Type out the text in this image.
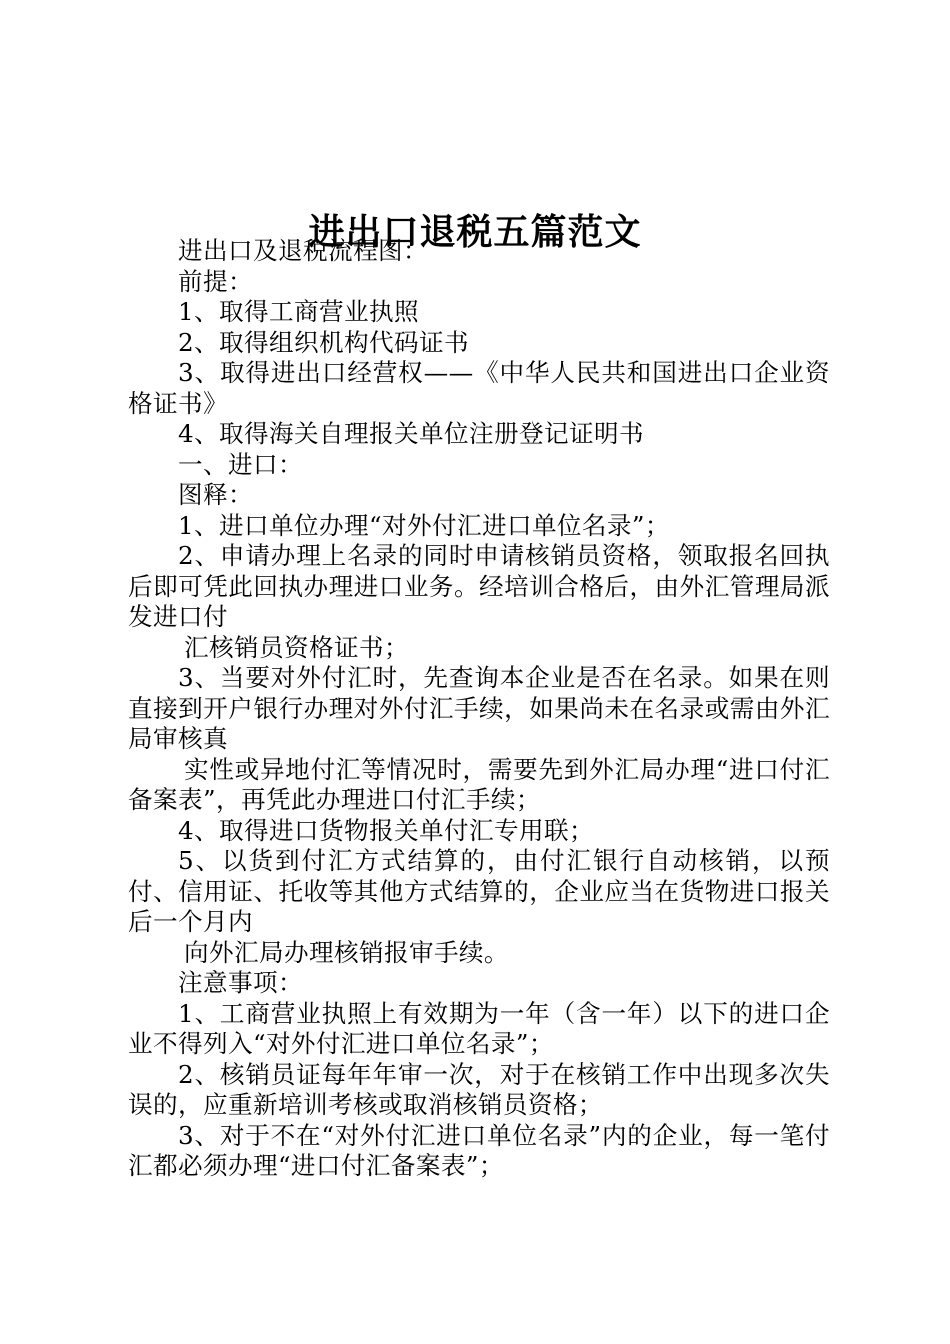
进出口退税五篇范文

进出口及退税流程图：

前提：

1、取得工商营业执照

2、取得组织机构代码证书

3、取得进出口经营权——《中华人民共和国进出口企业资格证书》

4、取得海关自理报关单位注册登记证明书

一、进口：

图释：

1、进口单位办理“对外付汇进口单位名录”；

2、申请办理上名录的同时申请核销员资格，领取报名回执后即可凭此回执办理进口业务。经培训合格后，由外汇管理局派发进口付

汇核销员资格证书；

3、当要对外付汇时，先查询本企业是否在名录。如果在则直接到开户银行办理对外付汇手续，如果尚未在名录或需由外汇局审核真

实性或异地付汇等情况时，需要先到外汇局办理“进口付汇备案表”，再凭此办理进口付汇手续；

4、取得进口货物报关单付汇专用联；

5、以货到付汇方式结算的，由付汇银行自动核销，以预付、信用证、托收等其他方式结算的，企业应当在货物进口报关后一个月内

向外汇局办理核销报审手续。

注意事项：

1、工商营业执照上有效期为一年（含一年）以下的进口企业不得列入“对外付汇进口单位名录”；

2、核销员证每年年审一次，对于在核销工作中出现多次失误的，应重新培训考核或取消核销员资格；

3、对于不在“对外付汇进口单位名录”内的企业，每一笔付汇都必须办理“进口付汇备案表”；
